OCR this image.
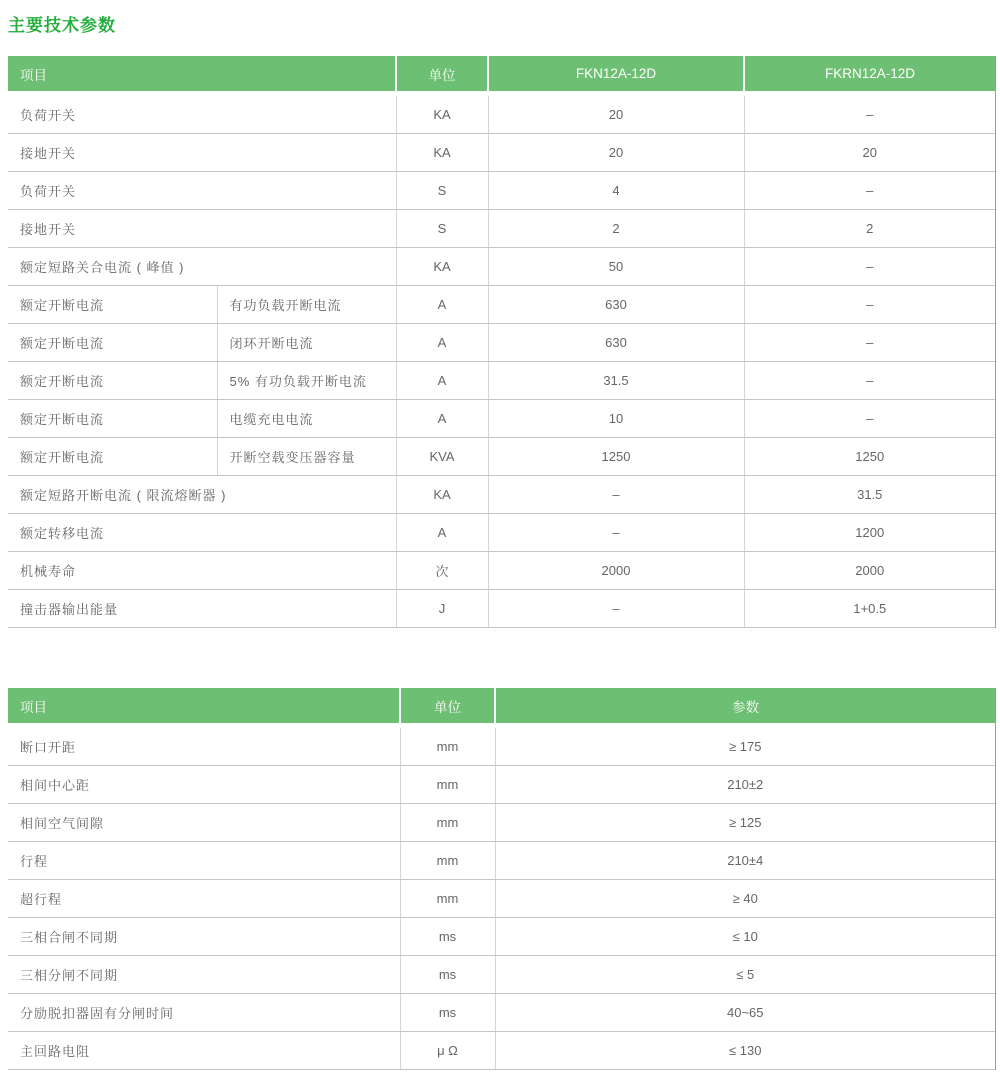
主要技术参数
项目		单位	FKN12A-12D	FKRN12A-12D
负荷开关		KA	20	–
接地开关		KA	20	20
负荷开关		S	4	–
接地开关		S	2	2
额定短路关合电流 ( 峰值 )		KA	50	–
额定开断电流	有功负载开断电流	A	630	–
额定开断电流	闭环开断电流	A	630	–
额定开断电流	5% 有功负载开断电流	A	31.5	–
额定开断电流	电缆充电电流	A	10	–
额定开断电流	开断空载变压器容量	KVA	1250	1250
额定短路开断电流 ( 限流熔断器 )		KA	–	31.5
额定转移电流		A	–	1200
机械寿命		次	2000	2000
撞击器输出能量		J	–	1+0.5
项目	单位	参数
断口开距	mm	≥ 175
相间中心距	mm	210±2
相间空气间隙	mm	≥ 125
行程	mm	210±4
超行程	mm	≥ 40
三相合闸不同期	ms	≤ 10
三相分闸不同期	ms	≤ 5
分励脱扣器固有分闸时间	ms	40~65
主回路电阻	μ Ω	≤ 130
